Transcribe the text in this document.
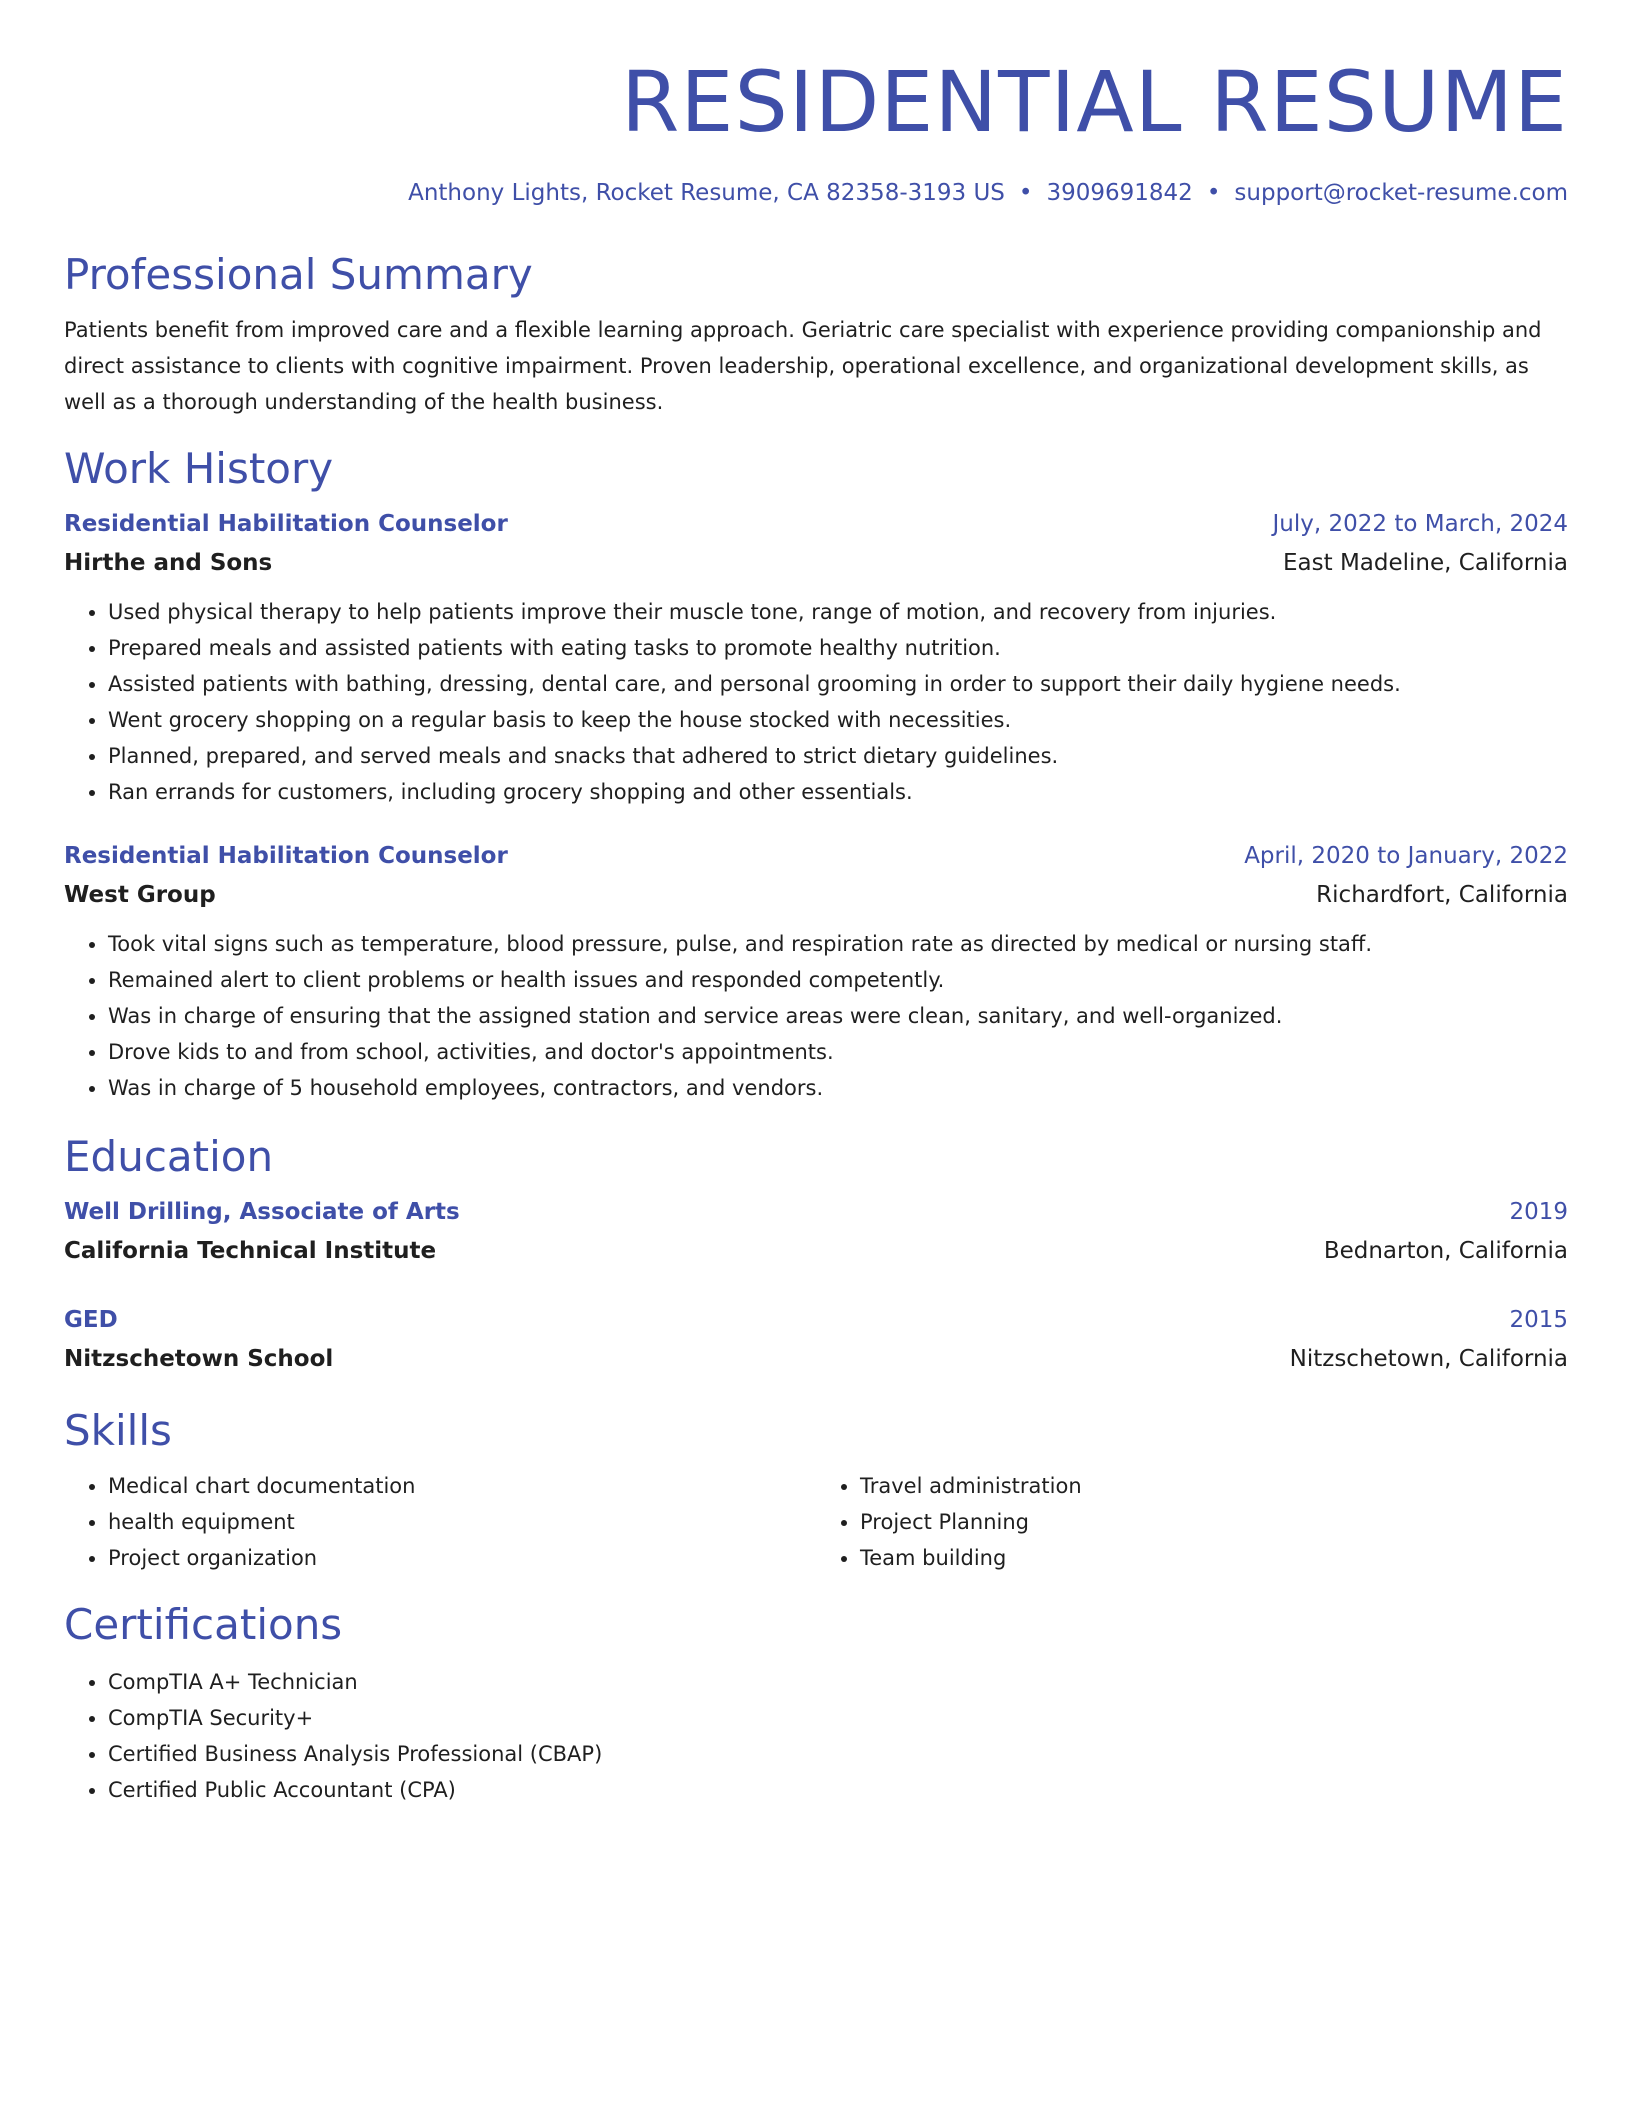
RESIDENTIAL RESUME
Anthony Lights, Rocket Resume, CA 82358-3193 US • 3909691842 • support@rocket-resume.com
Professional Summary

Patients benefit from improved care and a flexible learning approach. Geriatric care specialist with experience providing companionship and direct assistance to clients with cognitive impairment. Proven leadership, operational excellence, and organizational development skills, as well as a thorough understanding of the health business.

Work History
Residential Habilitation Counselor	July, 2022 to March, 2024
Hirthe and Sons	East Madeline, California
• Used physical therapy to help patients improve their muscle tone, range of motion, and recovery from injuries.
• Prepared meals and assisted patients with eating tasks to promote healthy nutrition.
• Assisted patients with bathing, dressing, dental care, and personal grooming in order to support their daily hygiene needs.
• Went grocery shopping on a regular basis to keep the house stocked with necessities.
• Planned, prepared, and served meals and snacks that adhered to strict dietary guidelines.
• Ran errands for customers, including grocery shopping and other essentials.
Residential Habilitation Counselor	April, 2020 to January, 2022
West Group	Richardfort, California
• Took vital signs such as temperature, blood pressure, pulse, and respiration rate as directed by medical or nursing staff.
• Remained alert to client problems or health issues and responded competently.
• Was in charge of ensuring that the assigned station and service areas were clean, sanitary, and well-organized.
• Drove kids to and from school, activities, and doctor's appointments.
• Was in charge of 5 household employees, contractors, and vendors.
Education
Well Drilling, Associate of Arts	2019
California Technical Institute	Bednarton, California
GED	2015
Nitzschetown School	Nitzschetown, California
Skills
• Medical chart documentation
• health equipment
• Project organization
• Travel administration
• Project Planning
• Team building
Certifications
• CompTIA A+ Technician
• CompTIA Security+
• Certified Business Analysis Professional (CBAP)
• Certified Public Accountant (CPA)
